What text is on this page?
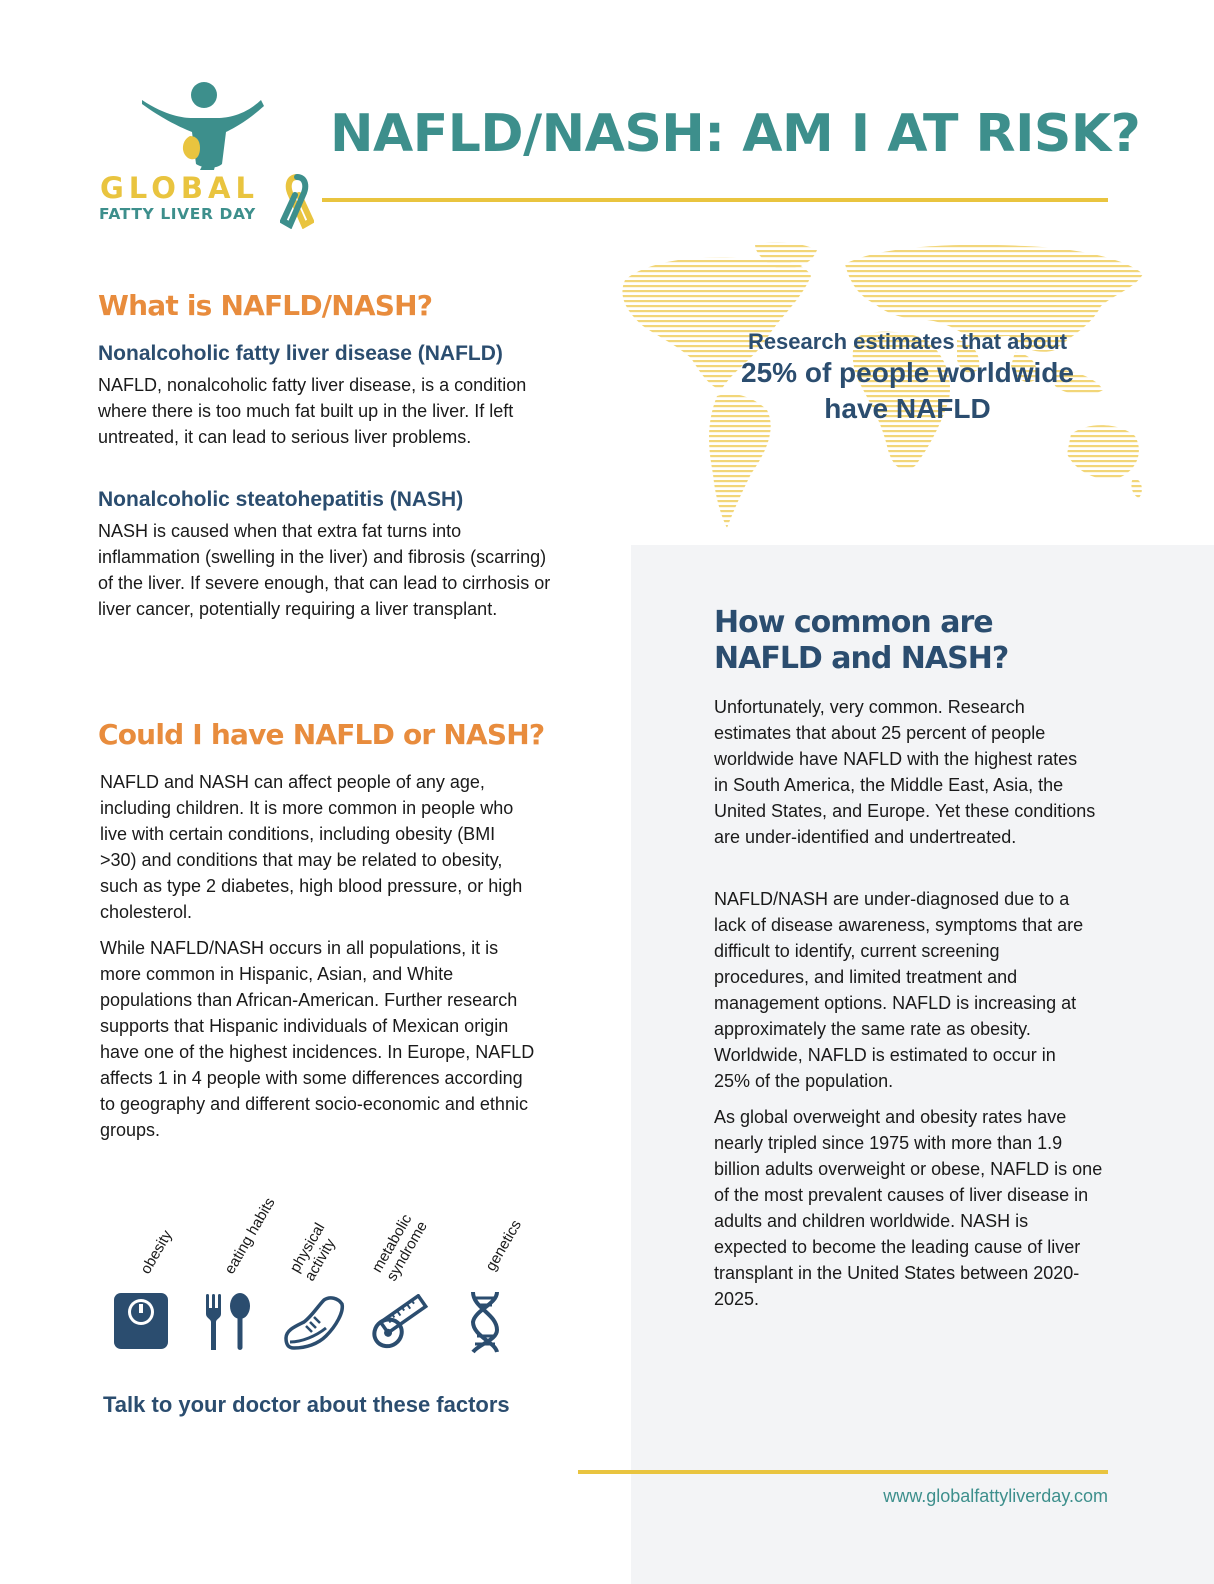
GLOBAL
FATTY LIVER DAY
NAFLD/NASH: AM I AT RISK?
Research estimates that about
25% of people worldwide
have NAFLD
What is NAFLD/NASH?
Nonalcoholic fatty liver disease (NAFLD)
NAFLD, nonalcoholic fatty liver disease, is a condition where there is too much fat built up in the liver. If left untreated, it can lead to serious liver problems.
Nonalcoholic steatohepatitis (NASH)
NASH is caused when that extra fat turns into inflammation (swelling in the liver) and fibrosis (scarring) of the liver. If severe enough, that can lead to cirrhosis or liver cancer, potentially requiring a liver transplant.
Could I have NAFLD or NASH?
NAFLD and NASH can affect people of any age, including children. It is more common in people who live with certain conditions, including obesity (BMI >30) and conditions that may be related to obesity, such as type 2 diabetes, high blood pressure, or high cholesterol.
While NAFLD/NASH occurs in all populations, it is more common in Hispanic, Asian, and White populations than African-American. Further research supports that Hispanic individuals of Mexican origin have one of the highest incidences. In Europe, NAFLD affects 1 in 4 people with some differences according to geography and different socio-economic and ethnic groups.
obesity	eating habits physical
activity metabolic
syndrome	genetics
Talk to your doctor about these factors
How common are
NAFLD and NASH?
Unfortunately, very common. Research estimates that about 25 percent of people worldwide have NAFLD with the highest rates in South America, the Middle East, Asia, the United States, and Europe. Yet these conditions are under-identified and undertreated.
NAFLD/NASH are under-diagnosed due to a lack of disease awareness, symptoms that are difficult to identify, current screening procedures, and limited treatment and management options. NAFLD is increasing at approximately the same rate as obesity. Worldwide, NAFLD is estimated to occur in 25% of the population.
As global overweight and obesity rates have nearly tripled since 1975 with more than 1.9 billion adults overweight or obese, NAFLD is one of the most prevalent causes of liver disease in adults and children worldwide. NASH is expected to become the leading cause of liver transplant in the United States between 2020-2025.
www.globalfattyliverday.com
